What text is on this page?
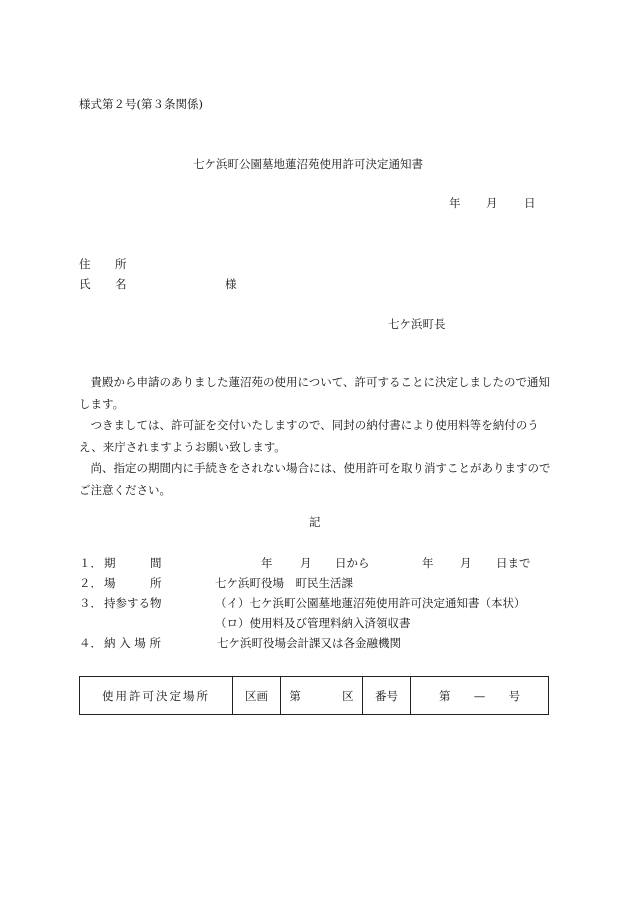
様式第２号(第３条関係)
七ケ浜町公園墓地蓮沼苑使用許可決定通知書
年 月 日
住 所
氏 名	様
七ケ浜町長

貴殿から申請のありました蓮沼苑の使用について、許可することに決定しましたので通知します。

つきましては、許可証を交付いたしますので、同封の納付書により使用料等を納付のうえ、来庁されますようお願い致します。

尚、指定の期間内に手続きをされない場合には、使用許可を取り消すことがありますのでご注意ください。

記
１． 期	間	年 月 日から	年 月 日まで
２． 場	所	七ケ浜町役場　町民生活課
３． 持参する物	（イ）七ケ浜町公園墓地蓮沼苑使用許可決定通知書（本状）
（ロ）使用料及び管理料納入済領収書
４． 納 入 場 所	七ケ浜町役場会計課又は各金融機関
使用許可決定場所	区画	第	区	番号	第 — 号
